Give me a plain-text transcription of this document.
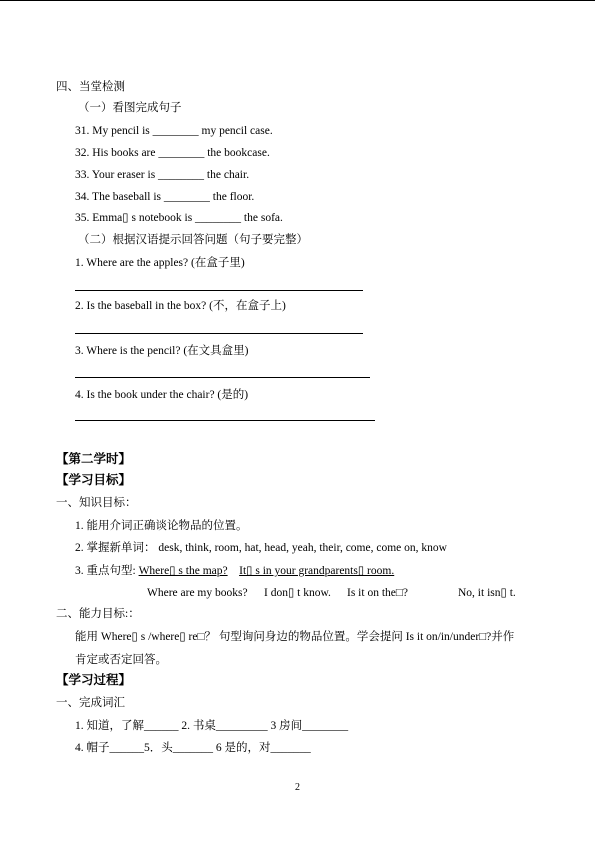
四、当堂检测
（一）看图完成句子
31. My pencil is ________ my pencil case.
32. His books are ________ the bookcase.
33. Your eraser is ________ the chair.
34. The baseball is ________ the floor.
35. Emma▯ s notebook is ________ the sofa.
（二）根据汉语提示回答问题（句子要完整）
1. Where are the apples? (在盒子里)
2. Is the baseball in the box? (不，在盒子上)
3. Where is the pencil? (在文具盒里)
4. Is the book under the chair? (是的)
【第二学时】
【学习目标】
一、知识目标：
1. 能用介词正确谈论物品的位置。
2. 掌握新单词： desk, think, room, hat, head, yeah, their, come, come on, know
3. 重点句型: Where▯ s the map? It▯ s in your grandparents▯ room.
Where are my books? I don▯ t know. Is it on the□?	No, it isn▯ t.
二、能力目标:：
能用 Where▯ s /where▯ re□？ 句型询问身边的物品位置。学会提问 Is it on/in/under□?并作
肯定或否定回答。
【学习过程】
一、完成词汇
1. 知道，了解______ 2. 书桌_________ 3 房间________
4. 帽子______5．头_______ 6 是的，对_______
2
